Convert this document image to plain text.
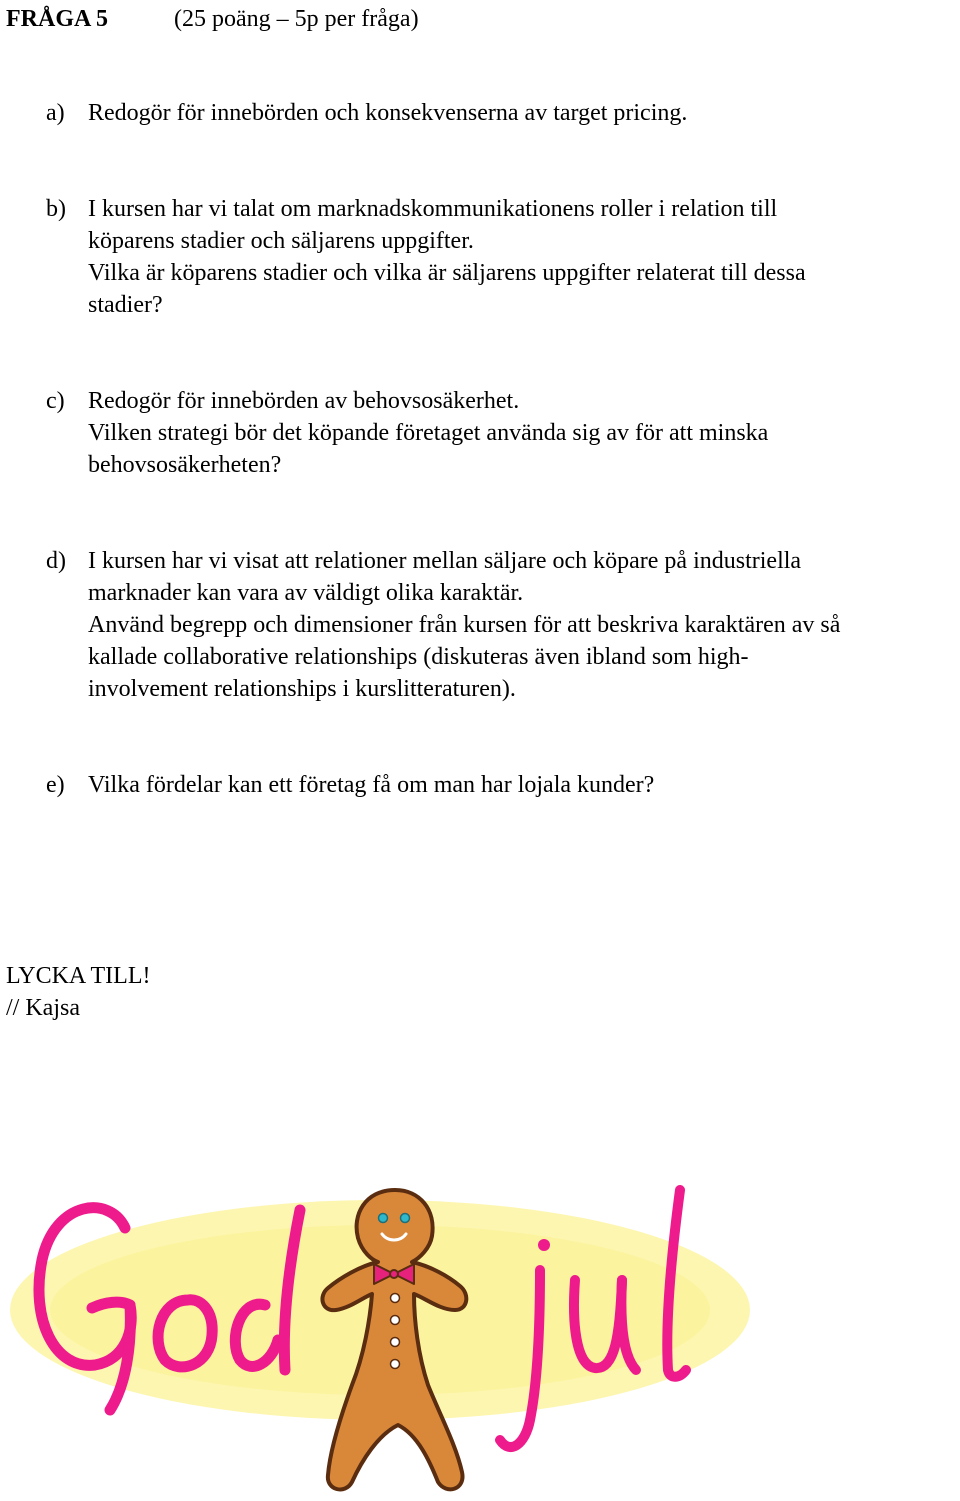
FRÅGA 5	(25 poäng – 5p per fråga)
a) Redogör för innebörden och konsekvenserna av target pricing.
b) I kursen har vi talat om marknadskommunikationens roller i relation till
köparens stadier och säljarens uppgifter.
Vilka är köparens stadier och vilka är säljarens uppgifter relaterat till dessa
stadier?
c) Redogör för innebörden av behovsosäkerhet.
Vilken strategi bör det köpande företaget använda sig av för att minska
behovsosäkerheten?
d) I kursen har vi visat att relationer mellan säljare och köpare på industriella
marknader kan vara av väldigt olika karaktär.
Använd begrepp och dimensioner från kursen för att beskriva karaktären av så
kallade collaborative relationships (diskuteras även ibland som high-
involvement relationships i kurslitteraturen).
e) Vilka fördelar kan ett företag få om man har lojala kunder?
LYCKA TILL!
// Kajsa
